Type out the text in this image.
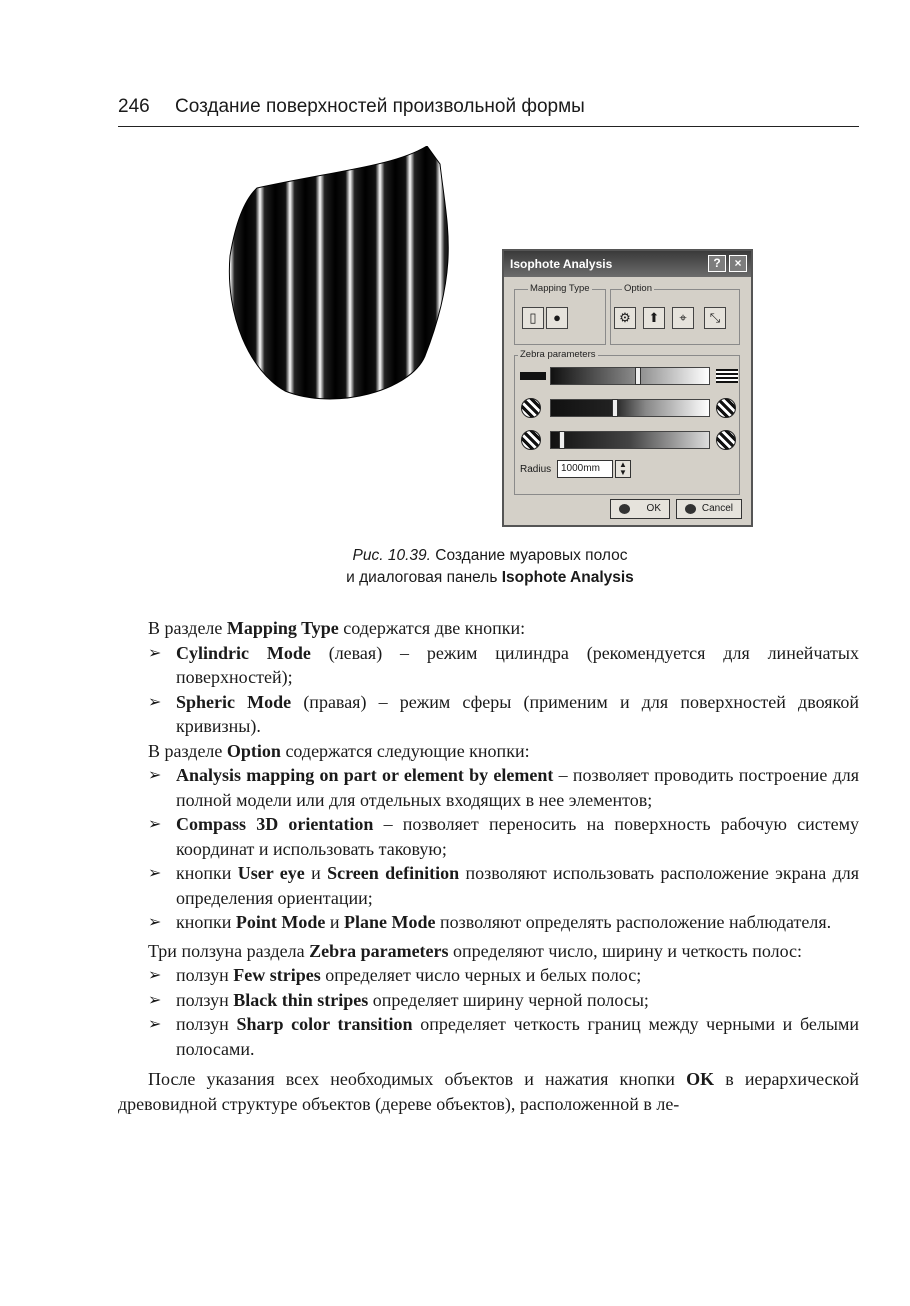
246 Создание поверхностей произвольной формы
Isophote Analysis	?	×
Mapping Type	Option
▯	●	⚙	⬆	⌖	⤡
Zebra parameters
Radius 1000mm	▲
▼
OK	Cancel
Рис. 10.39. Создание муаровых полос
и диалоговая панель Isophote Analysis

В разделе Mapping Type содержатся две кнопки:

➢ Cylindric Mode (левая) – режим цилиндра (рекомендуется для линейчатых поверхностей);
➢ Spheric Mode (правая) – режим сферы (применим и для поверхностей двоякой кривизны).

В разделе Option содержатся следующие кнопки:

➢ Analysis mapping on part or element by element – позволяет проводить построение для полной модели или для отдельных входящих в нее элементов;
➢ Compass 3D orientation – позволяет переносить на поверхность рабочую систему координат и использовать таковую;
➢ кнопки User eye и Screen definition позволяют использовать расположение экрана для определения ориентации;
➢ кнопки Point Mode и Plane Mode позволяют определять расположение наблюдателя.

Три ползуна раздела Zebra parameters определяют число, ширину и четкость полос:

➢ ползун Few stripes определяет число черных и белых полос;
➢ ползун Black thin stripes определяет ширину черной полосы;
➢ ползун Sharp color transition определяет четкость границ между черными и белыми полосами.

После указания всех необходимых объектов и нажатия кнопки OK в иерархической древовидной структуре объектов (дереве объектов), расположенной в ле-
